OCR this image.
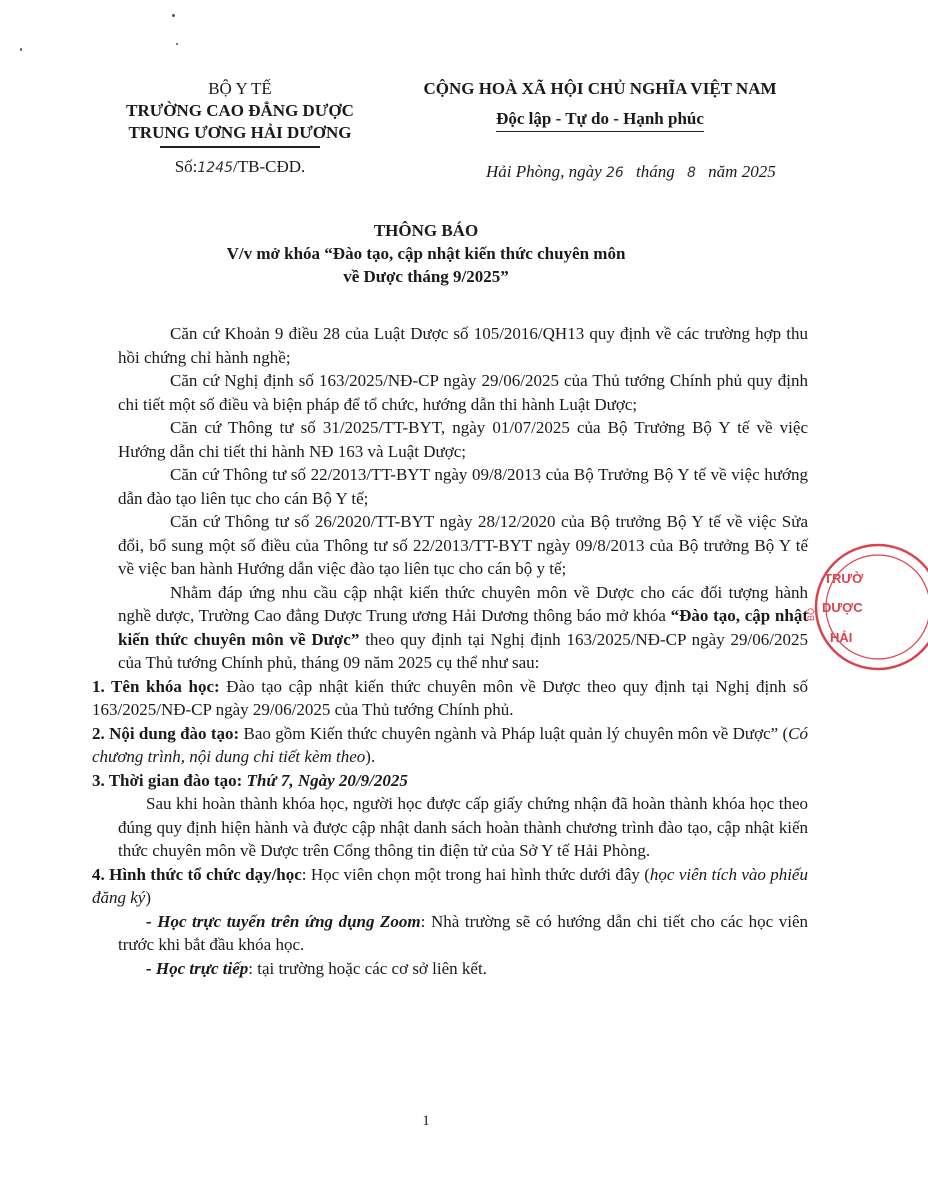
BỘ Y TẾ
TRƯỜNG CAO ĐẲNG DƯỢC
TRUNG ƯƠNG HẢI DƯƠNG
Số:1245/TB-CĐD.
CỘNG HOÀ XÃ HỘI CHỦ NGHĨA VIỆT NAM
Độc lập - Tự do - Hạnh phúc
Hải Phòng, ngày 26 tháng 8 năm 2025
THÔNG BÁO
V/v mở khóa “Đào tạo, cập nhật kiến thức chuyên môn
về Dược tháng 9/2025”

Căn cứ Khoản 9 điều 28 của Luật Dược số 105/2016/QH13 quy định về các trường hợp thu hồi chứng chỉ hành nghề;

Căn cứ Nghị định số 163/2025/NĐ-CP ngày 29/06/2025 của Thủ tướng Chính phủ quy định chi tiết một số điều và biện pháp để tổ chức, hướng dẫn thi hành Luật Dược;

Căn cứ Thông tư số 31/2025/TT-BYT, ngày 01/07/2025 của Bộ Trưởng Bộ Y tế về việc Hướng dẫn chi tiết thi hành NĐ 163 và Luật Dược;

Căn cứ Thông tư số 22/2013/TT-BYT ngày 09/8/2013 của Bộ Trưởng Bộ Y tế về việc hướng dẫn đào tạo liên tục cho cán Bộ Y tế;

Căn cứ Thông tư số 26/2020/TT-BYT ngày 28/12/2020 của Bộ trưởng Bộ Y tế về việc Sửa đổi, bổ sung một số điều của Thông tư số 22/2013/TT-BYT ngày 09/8/2013 của Bộ trưởng Bộ Y tế về việc ban hành Hướng dẫn việc đào tạo liên tục cho cán bộ y tế;

Nhằm đáp ứng nhu cầu cập nhật kiến thức chuyên môn về Dược cho các đối tượng hành nghề dược, Trường Cao đẳng Dược Trung ương Hải Dương thông báo mở khóa “Đào tạo, cập nhật kiến thức chuyên môn về Dược” theo quy định tại Nghị định 163/2025/NĐ-CP ngày 29/06/2025 của Thủ tướng Chính phủ, tháng 09 năm 2025 cụ thể như sau:

1. Tên khóa học: Đào tạo cập nhật kiến thức chuyên môn về Dược theo quy định tại Nghị định số 163/2025/NĐ-CP ngày 29/06/2025 của Thủ tướng Chính phủ.

2. Nội dung đào tạo: Bao gồm Kiến thức chuyên ngành và Pháp luật quản lý chuyên môn về Dược” (Có chương trình, nội dung chi tiết kèm theo).

3. Thời gian đào tạo: Thứ 7, Ngày 20/9/2025

Sau khi hoàn thành khóa học, người học được cấp giấy chứng nhận đã hoàn thành khóa học theo đúng quy định hiện hành và được cập nhật danh sách hoàn thành chương trình đào tạo, cập nhật kiến thức chuyên môn về Dược trên Cổng thông tin điện tử của Sở Y tế Hải Phòng.

4. Hình thức tổ chức dạy/học: Học viên chọn một trong hai hình thức dưới đây (học viên tích vào phiếu đăng ký)

- Học trực tuyến trên ứng dụng Zoom: Nhà trường sẽ có hướng dẫn chi tiết cho các học viên trước khi bắt đầu khóa học.

- Học trực tiếp: tại trường hoặc các cơ sở liên kết.

TRƯỜ
DƯỢC
HẢI
BỘ
1
